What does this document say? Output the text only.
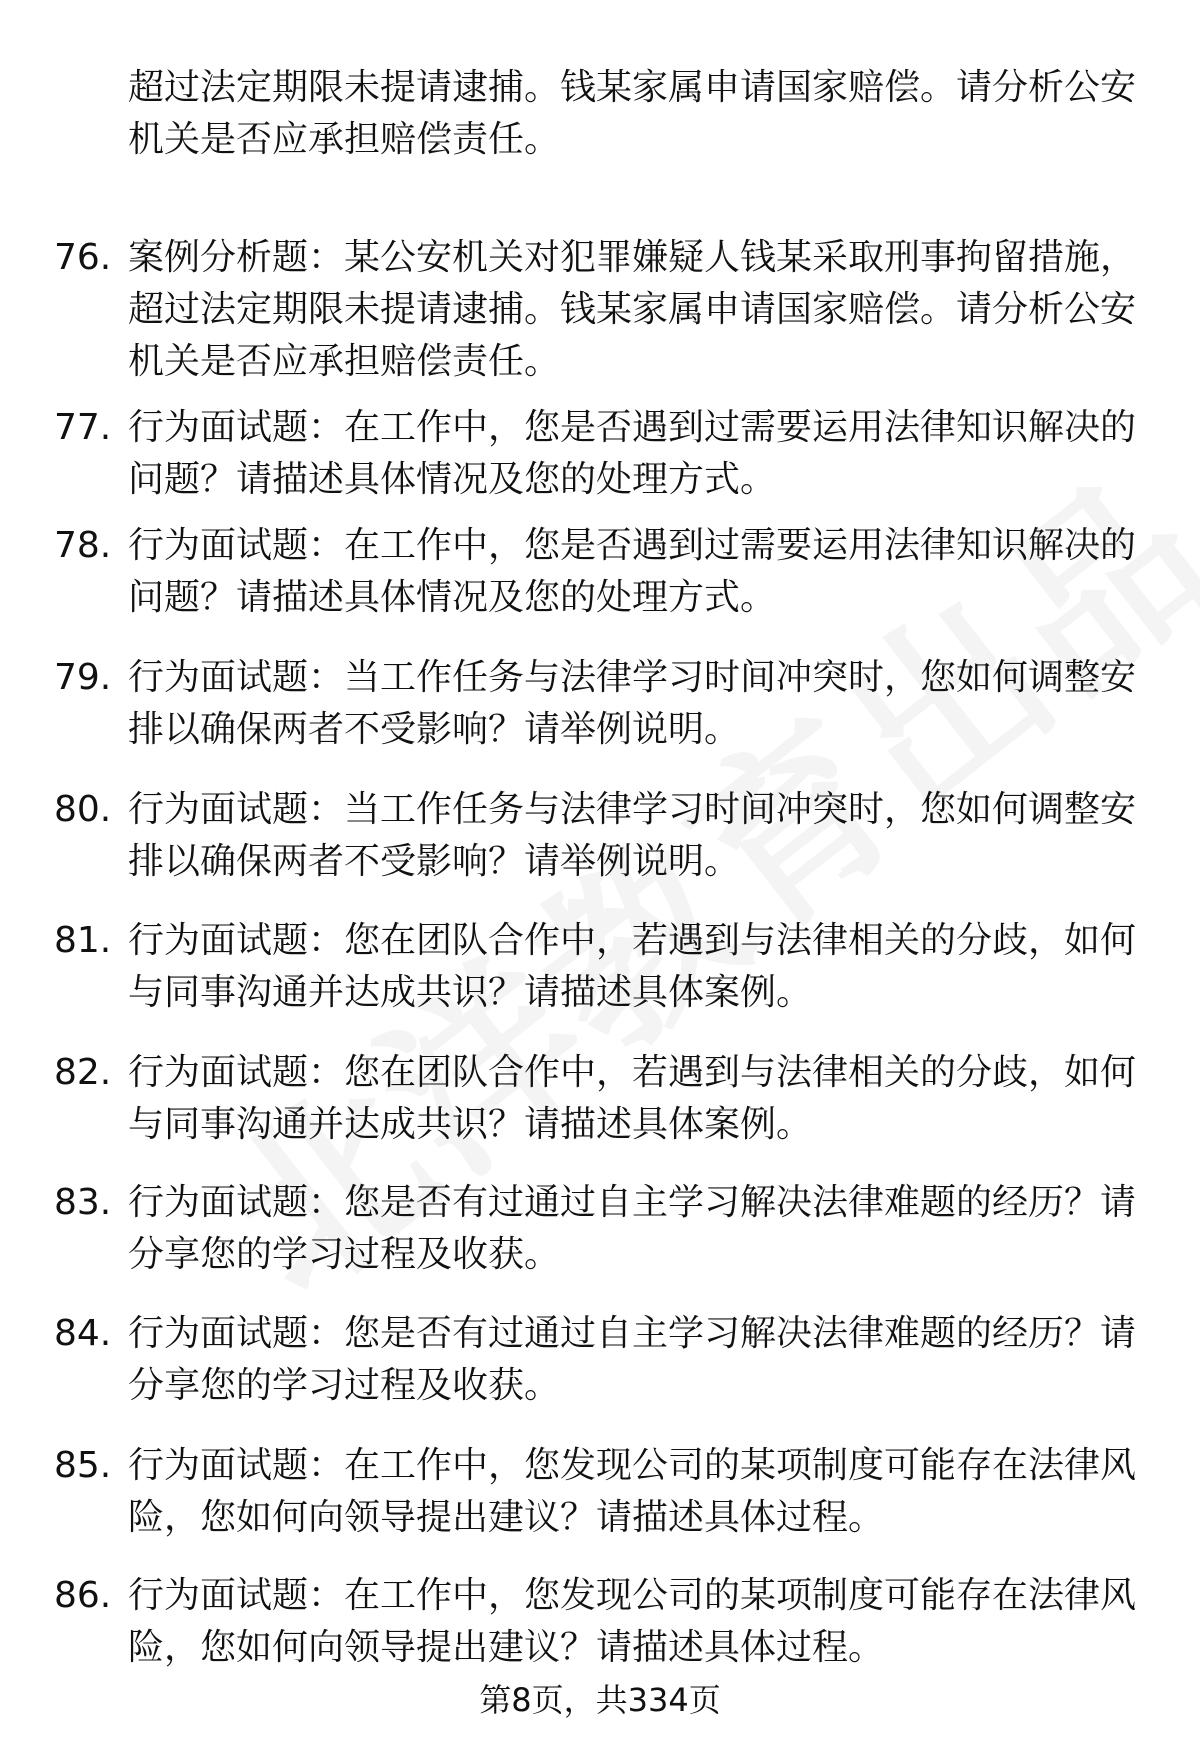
超过法定期限未提请逮捕。钱某家属申请国家赔偿。请分析公安机关是否应承担赔偿责任。
76. 案例分析题：某公安机关对犯罪嫌疑人钱某采取刑事拘留措施，超过法定期限未提请逮捕。钱某家属申请国家赔偿。请分析公安机关是否应承担赔偿责任。
77. 行为面试题：在工作中，您是否遇到过需要运用法律知识解决的问题？请描述具体情况及您的处理方式。
78. 行为面试题：在工作中，您是否遇到过需要运用法律知识解决的问题？请描述具体情况及您的处理方式。
79. 行为面试题：当工作任务与法律学习时间冲突时，您如何调整安排以确保两者不受影响？请举例说明。
80. 行为面试题：当工作任务与法律学习时间冲突时，您如何调整安排以确保两者不受影响？请举例说明。
81. 行为面试题：您在团队合作中，若遇到与法律相关的分歧，如何与同事沟通并达成共识？请描述具体案例。
82. 行为面试题：您在团队合作中，若遇到与法律相关的分歧，如何与同事沟通并达成共识？请描述具体案例。
83. 行为面试题：您是否有过通过自主学习解决法律难题的经历？请分享您的学习过程及收获。
84. 行为面试题：您是否有过通过自主学习解决法律难题的经历？请分享您的学习过程及收获。
85. 行为面试题：在工作中，您发现公司的某项制度可能存在法律风险，您如何向领导提出建议？请描述具体过程。
86. 行为面试题：在工作中，您发现公司的某项制度可能存在法律风险，您如何向领导提出建议？请描述具体过程。
第8页，共334页
